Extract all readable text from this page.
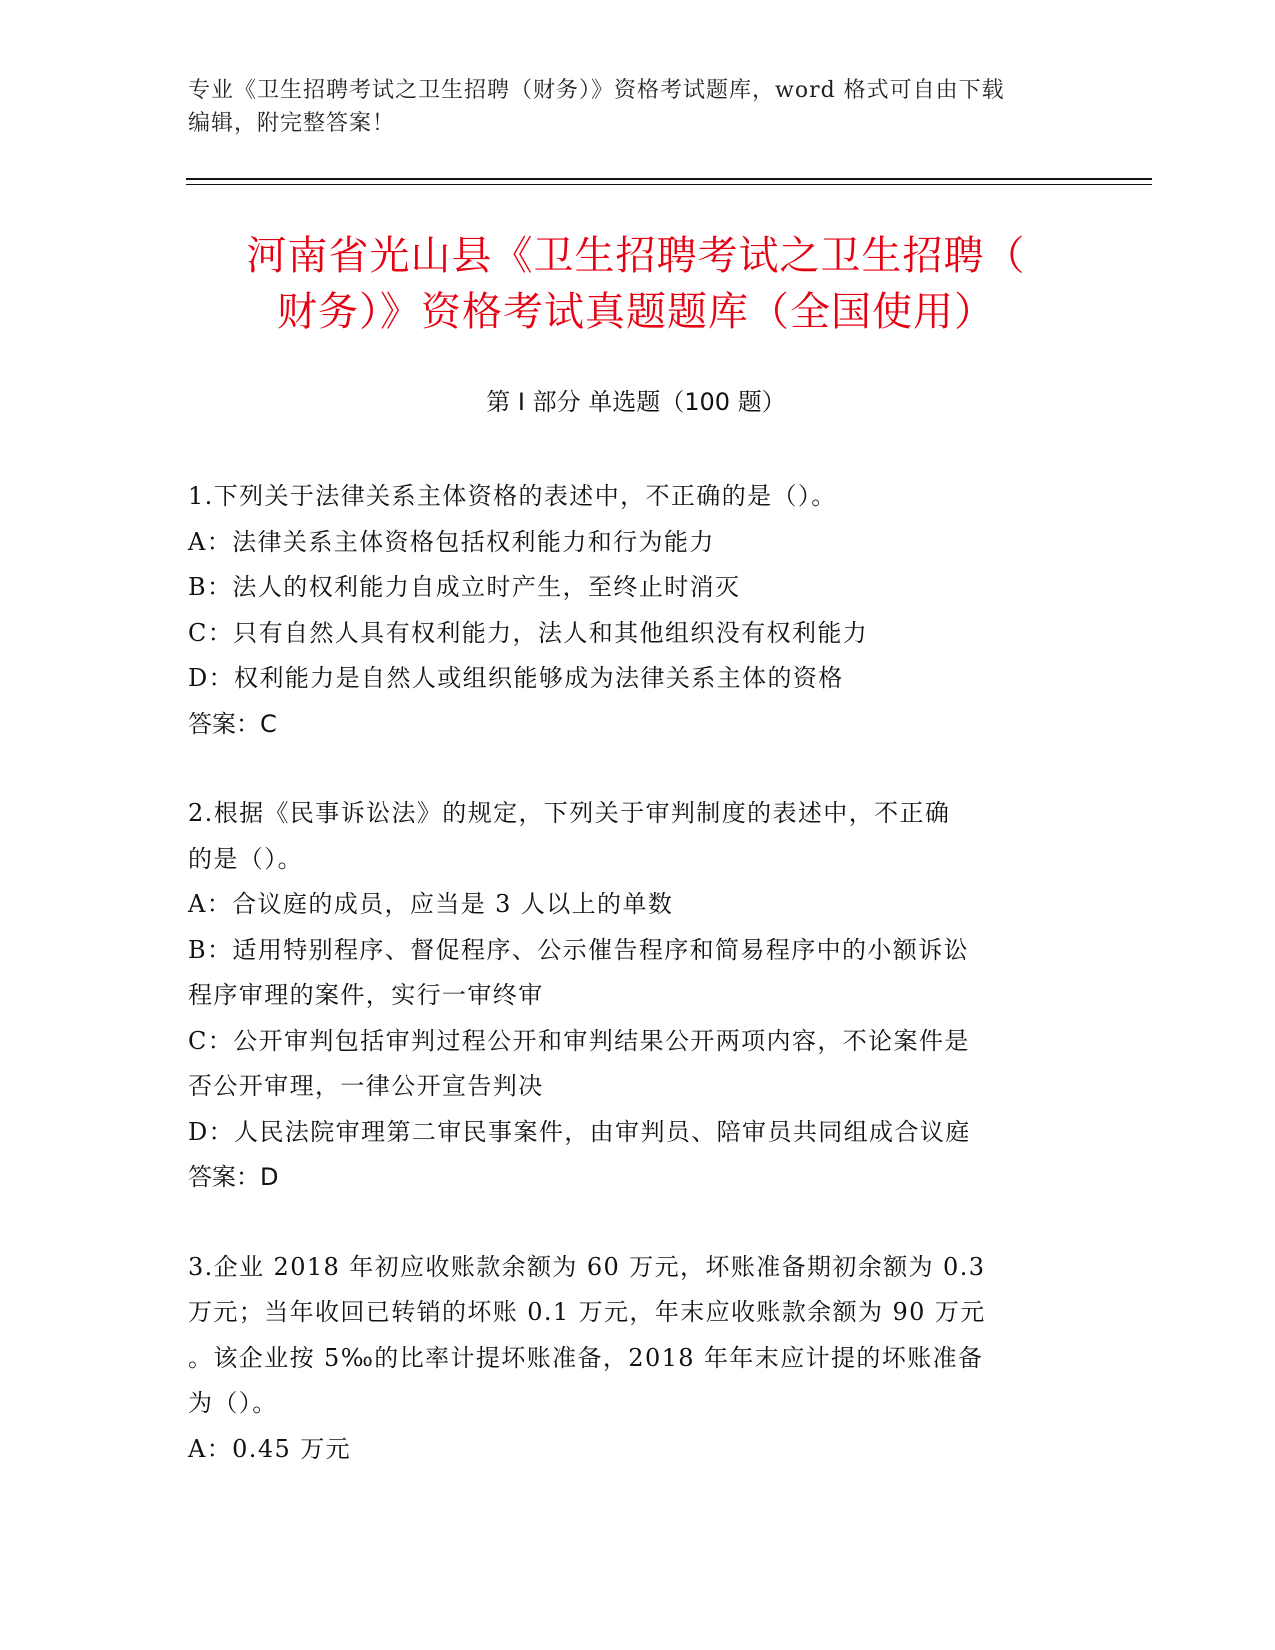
专业《卫生招聘考试之卫生招聘（财务）》资格考试题库，word 格式可自由下载
编辑，附完整答案！
河南省光山县《卫生招聘考试之卫生招聘（
财务）》资格考试真题题库（全国使用）
第 I 部分 单选题（100 题）

1.下列关于法律关系主体资格的表述中，不正确的是（）。

A：法律关系主体资格包括权利能力和行为能力

B：法人的权利能力自成立时产生，至终止时消灭

C：只有自然人具有权利能力，法人和其他组织没有权利能力

D：权利能力是自然人或组织能够成为法律关系主体的资格

答案：C

2.根据《民事诉讼法》的规定，下列关于审判制度的表述中，不正确

的是（）。

A：合议庭的成员，应当是 3 人以上的单数

B：适用特别程序、督促程序、公示催告程序和简易程序中的小额诉讼

程序审理的案件，实行一审终审

C：公开审判包括审判过程公开和审判结果公开两项内容，不论案件是

否公开审理，一律公开宣告判决

D：人民法院审理第二审民事案件，由审判员、陪审员共同组成合议庭

答案：D

3.企业 2018 年初应收账款余额为 60 万元，坏账准备期初余额为 0.3

万元；当年收回已转销的坏账 0.1 万元，年末应收账款余额为 90 万元

。该企业按 5‰的比率计提坏账准备，2018 年年末应计提的坏账准备

为（）。

A：0.45 万元
